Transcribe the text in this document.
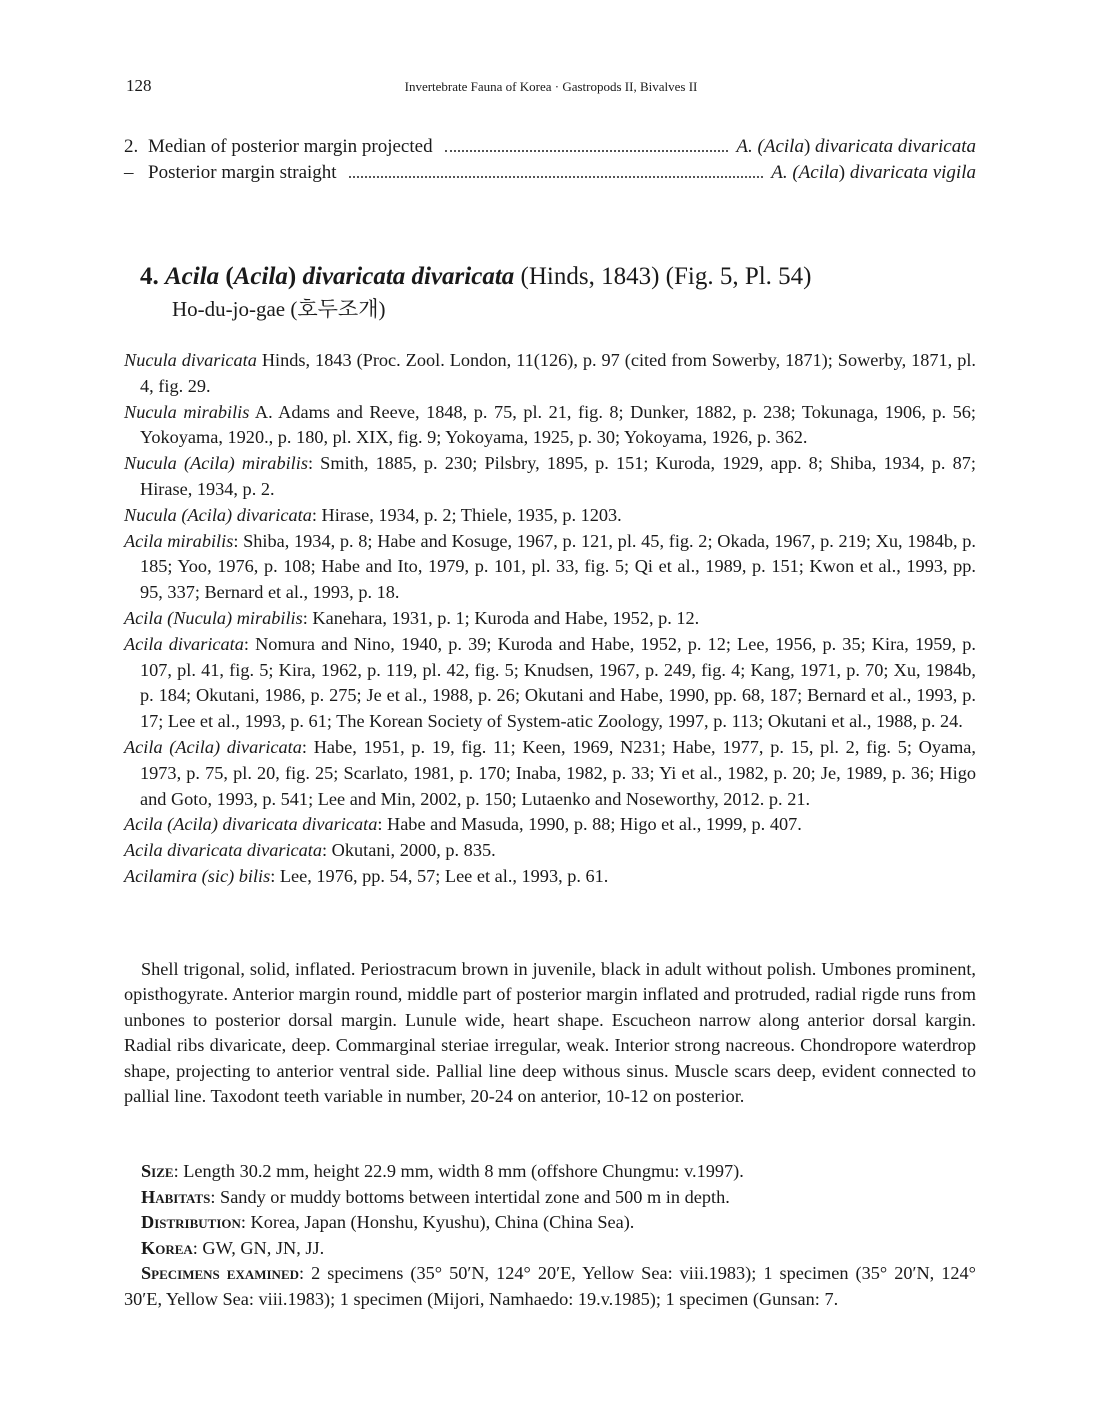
128	Invertebrate Fauna of Korea · Gastropods II, Bivalves II
2. Median of posterior margin projected	A. (Acila) divaricata divaricata
– Posterior margin straight	A. (Acila) divaricata vigila
4. Acila (Acila) divaricata divaricata (Hinds, 1843) (Fig. 5, Pl. 54)
Ho-du-jo-gae (호두조개)
Nucula divaricata Hinds, 1843 (Proc. Zool. London, 11(126), p. 97 (cited from Sowerby, 1871); Sowerby, 1871, pl. 4, fig. 29.
Nucula mirabilis A. Adams and Reeve, 1848, p. 75, pl. 21, fig. 8; Dunker, 1882, p. 238; Tokunaga, 1906, p. 56; Yokoyama, 1920., p. 180, pl. XIX, fig. 9; Yokoyama, 1925, p. 30; Yokoyama, 1926, p. 362.
Nucula (Acila) mirabilis: Smith, 1885, p. 230; Pilsbry, 1895, p. 151; Kuroda, 1929, app. 8; Shiba, 1934, p. 87; Hirase, 1934, p. 2.
Nucula (Acila) divaricata: Hirase, 1934, p. 2; Thiele, 1935, p. 1203.
Acila mirabilis: Shiba, 1934, p. 8; Habe and Kosuge, 1967, p. 121, pl. 45, fig. 2; Okada, 1967, p. 219; Xu, 1984b, p. 185; Yoo, 1976, p. 108; Habe and Ito, 1979, p. 101, pl. 33, fig. 5; Qi et al., 1989, p. 151; Kwon et al., 1993, pp. 95, 337; Bernard et al., 1993, p. 18.
Acila (Nucula) mirabilis: Kanehara, 1931, p. 1; Kuroda and Habe, 1952, p. 12.
Acila divaricata: Nomura and Nino, 1940, p. 39; Kuroda and Habe, 1952, p. 12; Lee, 1956, p. 35; Kira, 1959, p. 107, pl. 41, fig. 5; Kira, 1962, p. 119, pl. 42, fig. 5; Knudsen, 1967, p. 249, fig. 4; Kang, 1971, p. 70; Xu, 1984b, p. 184; Okutani, 1986, p. 275; Je et al., 1988, p. 26; Okutani and Habe, 1990, pp. 68, 187; Bernard et al., 1993, p. 17; Lee et al., 1993, p. 61; The Korean Society of System-atic Zoology, 1997, p. 113; Okutani et al., 1988, p. 24.
Acila (Acila) divaricata: Habe, 1951, p. 19, fig. 11; Keen, 1969, N231; Habe, 1977, p. 15, pl. 2, fig. 5; Oyama, 1973, p. 75, pl. 20, fig. 25; Scarlato, 1981, p. 170; Inaba, 1982, p. 33; Yi et al., 1982, p. 20; Je, 1989, p. 36; Higo and Goto, 1993, p. 541; Lee and Min, 2002, p. 150; Lutaenko and Noseworthy, 2012. p. 21.
Acila (Acila) divaricata divaricata: Habe and Masuda, 1990, p. 88; Higo et al., 1999, p. 407.
Acila divaricata divaricata: Okutani, 2000, p. 835.
Acilamira (sic) bilis: Lee, 1976, pp. 54, 57; Lee et al., 1993, p. 61.

Shell trigonal, solid, inflated. Periostracum brown in juvenile, black in adult without polish. Umbones prominent, opisthogyrate. Anterior margin round, middle part of posterior margin inflated and protruded, radial rigde runs from unbones to posterior dorsal margin. Lunule wide, heart shape. Escucheon narrow along anterior dorsal kargin. Radial ribs divaricate, deep. Commarginal steriae irregular, weak. Interior strong nacreous. Chondropore waterdrop shape, projecting to anterior ventral side. Pallial line deep withous sinus. Muscle scars deep, evident connected to pallial line. Taxodont teeth variable in number, 20-24 on anterior, 10-12 on posterior.

Size: Length 30.2 mm, height 22.9 mm, width 8 mm (offshore Chungmu: v.1997).
Habitats: Sandy or muddy bottoms between intertidal zone and 500 m in depth.
Distribution: Korea, Japan (Honshu, Kyushu), China (China Sea).
Korea: GW, GN, JN, JJ.
Specimens examined: 2 specimens (35° 50′N, 124° 20′E, Yellow Sea: viii.1983); 1 specimen (35° 20′N, 124° 30′E, Yellow Sea: viii.1983); 1 specimen (Mijori, Namhaedo: 19.v.1985); 1 specimen (Gunsan: 7.
